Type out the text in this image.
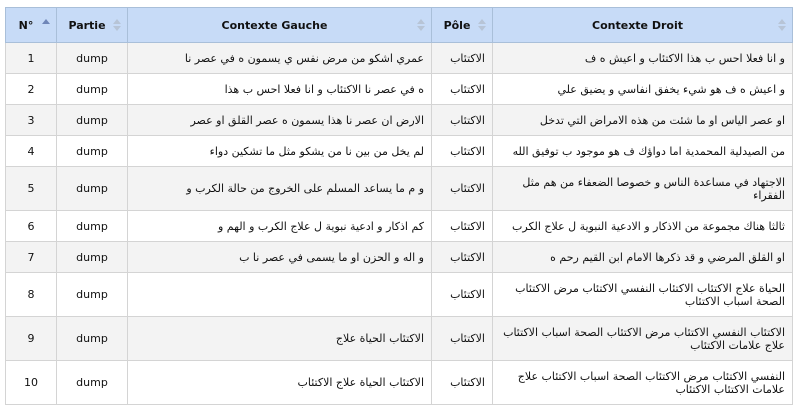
N°	Partie	Contexte Gauche	Pôle	Contexte Droit

1	dump	عمري اشكو من مرض نفس ي يسمون ه في عصر نا	الاكتئاب	و انا فعلا احس ب هذا الاكتئاب و اعيش ه ف
2	dump	ه في عصر نا الاكتئاب و انا فعلا احس ب هذا	الاكتئاب	و اعيش ه ف هو شيء يخفق انفاسي و يضيق علي
3	dump	الارض ان عصر نا هذا يسمون ه عصر القلق او عصر	الاكتئاب	او عصر الياس او ما شئت من هذه الامراض التي تدخل
4	dump	لم يخل من بين نا من يشكو مثل ما تشكين دواء	الاكتئاب	من الصيدلية المحمدية اما دواؤك ف هو موجود ب توفيق الله
5	dump	و م ما يساعد المسلم على الخروج من حالة الكرب و	الاكتئاب	الاجتهاد في مساعدة الناس و خصوصا الضعفاء من هم مثل الفقراء
6	dump	كم اذكار و ادعية نبوية ل علاج الكرب و الهم و	الاكتئاب	ثالثا هناك مجموعة من الاذكار و الادعية النبوية ل علاج الكرب
7	dump	و اله و الحزن او ما يسمى في عصر نا ب	الاكتئاب	او القلق المرضي و قد ذكرها الامام ابن القيم رحم ه
8	dump		الاكتئاب	الحياة علاج الاكتئاب الاكتئاب النفسي الاكتئاب مرض الاكتئاب الصحة اسباب الاكتئاب
9	dump	الاكتئاب الحياة علاج	الاكتئاب	الاكتئاب النفسي الاكتئاب مرض الاكتئاب الصحة اسباب الاكتئاب علاج علامات الاكتئاب
10	dump	الاكتئاب الحياة علاج الاكتئاب	الاكتئاب	النفسي الاكتئاب مرض الاكتئاب الصحة اسباب الاكتئاب علاج علامات الاكتئاب الاكتئاب
